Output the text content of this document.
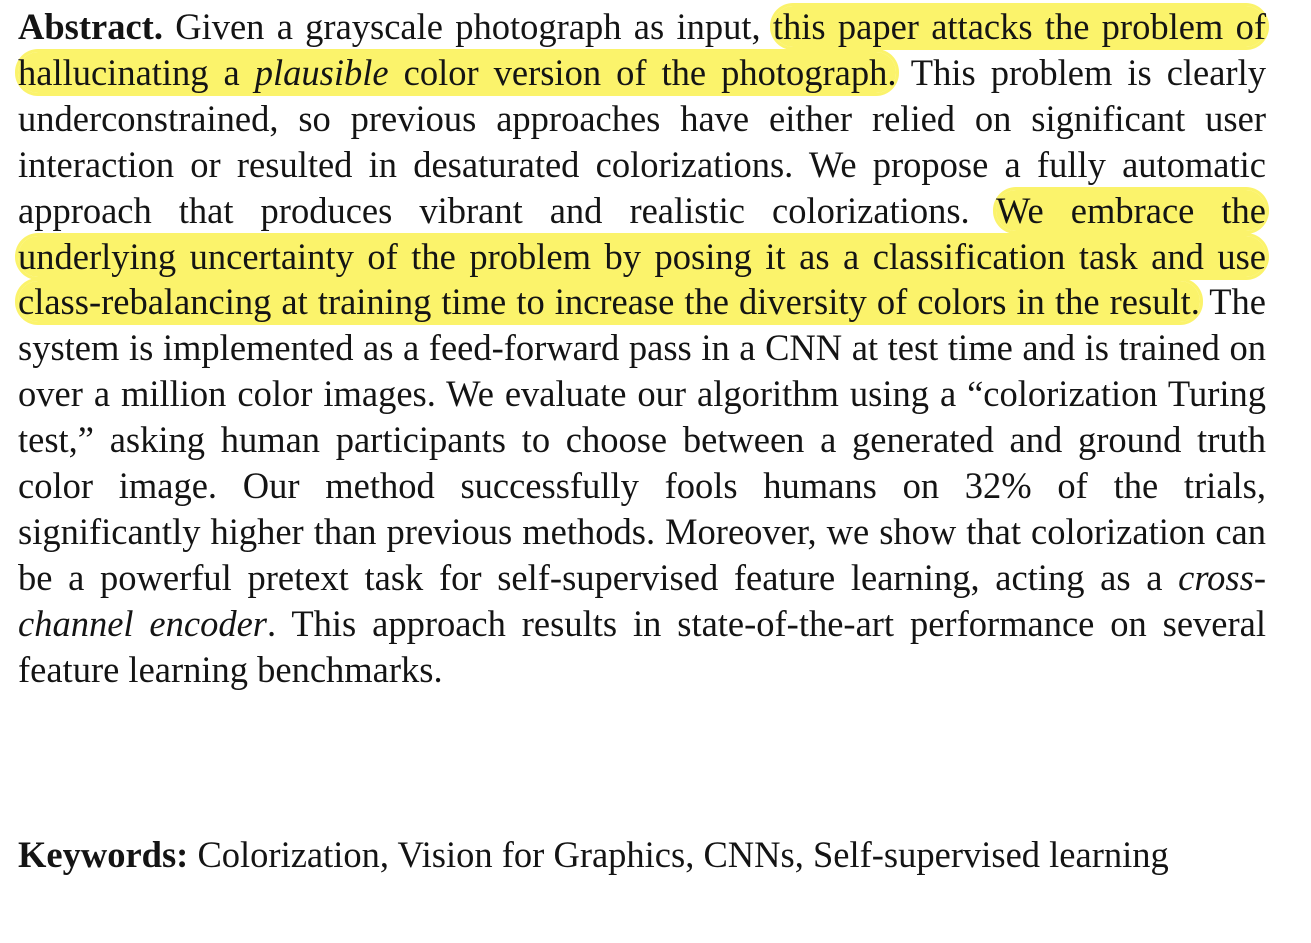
Abstract. Given a grayscale photograph as input, this paper attacks the problem of hallucinating a plausible color version of the photograph. This problem is clearly underconstrained, so previous approaches have either relied on significant user interaction or resulted in desaturated colorizations. We propose a fully automatic approach that produces vibrant and realistic colorizations. We embrace the underlying uncertainty of the problem by posing it as a classification task and use class-rebalancing at training time to increase the diversity of colors in the result. The system is implemented as a feed-forward pass in a CNN at test time and is trained on over a million color images. We evaluate our algorithm using a “colorization Turing test,” asking human participants to choose between a generated and ground truth color image. Our method successfully fools humans on 32% of the trials, significantly higher than previous methods. Moreover, we show that colorization can be a powerful pretext task for self-supervised feature learning, acting as a cross-channel encoder. This approach results in state-of-the-art performance on several feature learning benchmarks.

Keywords: Colorization, Vision for Graphics, CNNs, Self-supervised learning
